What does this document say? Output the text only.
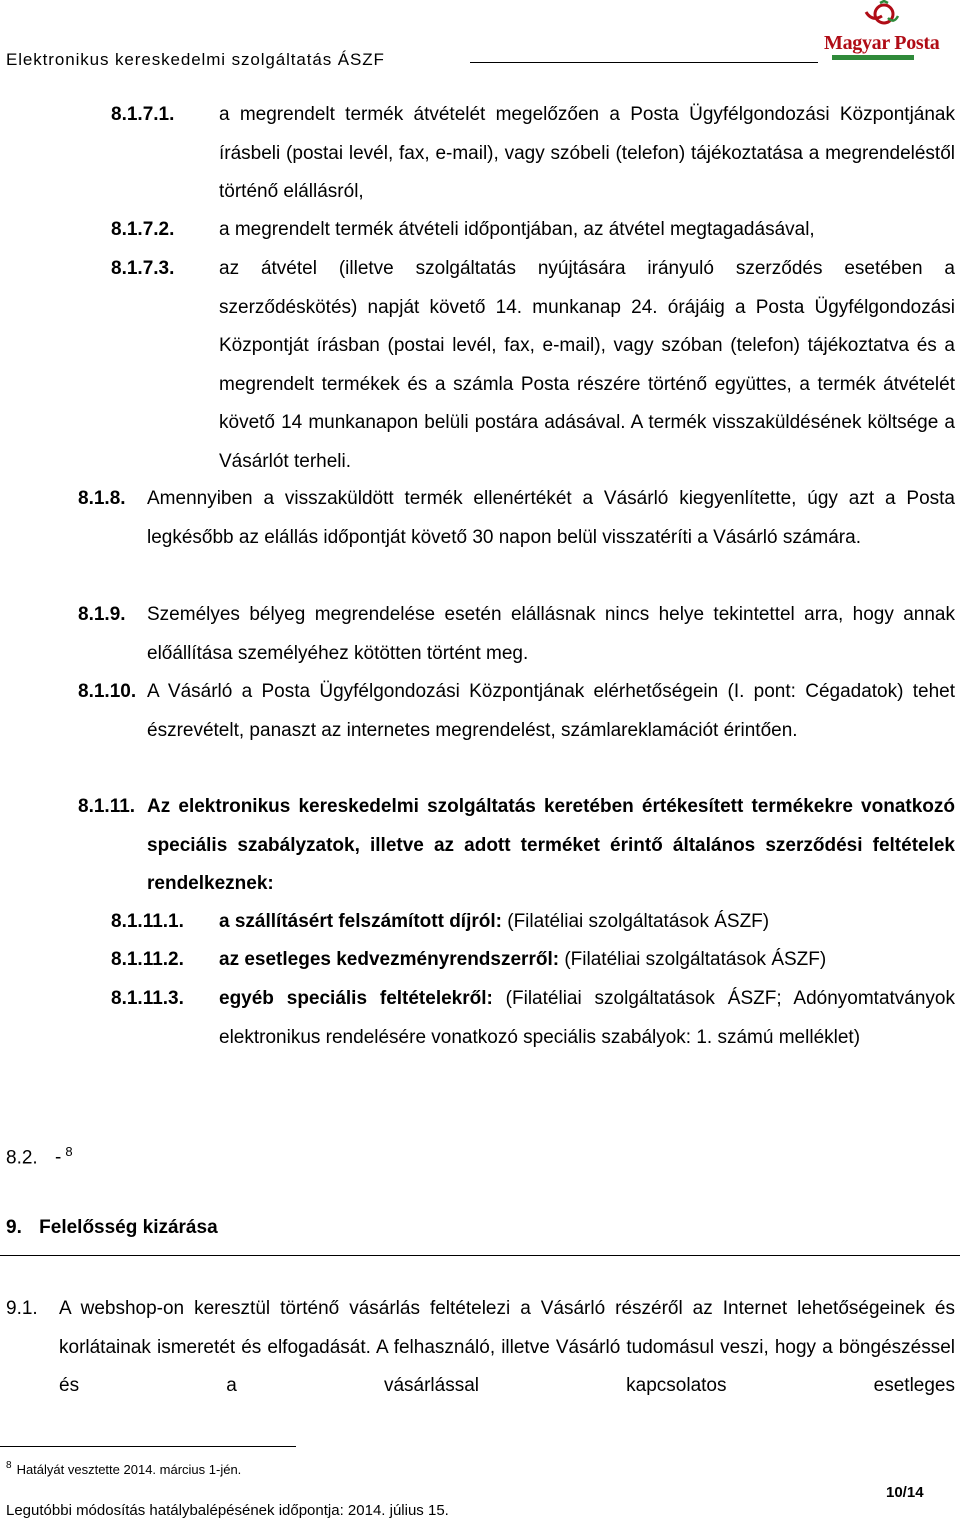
Elektronikus kereskedelmi szolgáltatás ÁSZF
Magyar Posta
8.1.7.1. a megrendelt termék átvételét megelőzően a Posta Ügyfélgondozási Központjának írásbeli (postai levél, fax, e-mail), vagy szóbeli (telefon) tájékoztatása a megrendeléstől történő elállásról,
8.1.7.2. a megrendelt termék átvételi időpontjában, az átvétel megtagadásával,
8.1.7.3. az átvétel (illetve szolgáltatás nyújtására irányuló szerződés esetében a szerződéskötés) napját követő 14. munkanap 24. órájáig a Posta Ügyfélgondozási Központját írásban (postai levél, fax, e-mail), vagy szóban (telefon) tájékoztatva és a megrendelt termékek és a számla Posta részére történő együttes, a termék átvételét követő 14 munkanapon belüli postára adásával. A termék visszaküldésének költsége a Vásárlót terheli.
8.1.8. Amennyiben a visszaküldött termék ellenértékét a Vásárló kiegyenlítette, úgy azt a Posta legkésőbb az elállás időpontját követő 30 napon belül visszatéríti a Vásárló számára.
8.1.9. Személyes bélyeg megrendelése esetén elállásnak nincs helye tekintettel arra, hogy annak előállítása személyéhez kötötten történt meg.
8.1.10. A Vásárló a Posta Ügyfélgondozási Központjának elérhetőségein (I. pont: Cégadatok) tehet észrevételt, panaszt az internetes megrendelést, számlareklamációt érintően.
8.1.11. Az elektronikus kereskedelmi szolgáltatás keretében értékesített termékekre vonatkozó speciális szabályzatok, illetve az adott terméket érintő általános szerződési feltételek rendelkeznek:
8.1.11.1. a szállításért felszámított díjról: (Filatéliai szolgáltatások ÁSZF)
8.1.11.2. az esetleges kedvezményrendszerről: (Filatéliai szolgáltatások ÁSZF)
8.1.11.3. egyéb speciális feltételekről: (Filatéliai szolgáltatások ÁSZF; Adónyomtatványok elektronikus rendelésére vonatkozó speciális szabályok: 1. számú melléklet)
8.2. - $^8$
9. Felelősség kizárása
9.1. A webshop-on keresztül történő vásárlás feltételezi a Vásárló részéről az Internet lehetőségeinek és korlátainak ismeretét és elfogadását. A felhasználó, illetve Vásárló tudomásul veszi, hogy a böngészéssel és a vásárlással kapcsolatos esetleges
$^8$ Hatályát vesztette 2014. március 1-jén.
10/14
Legutóbbi módosítás hatálybalépésének időpontja: 2014. július 15.
